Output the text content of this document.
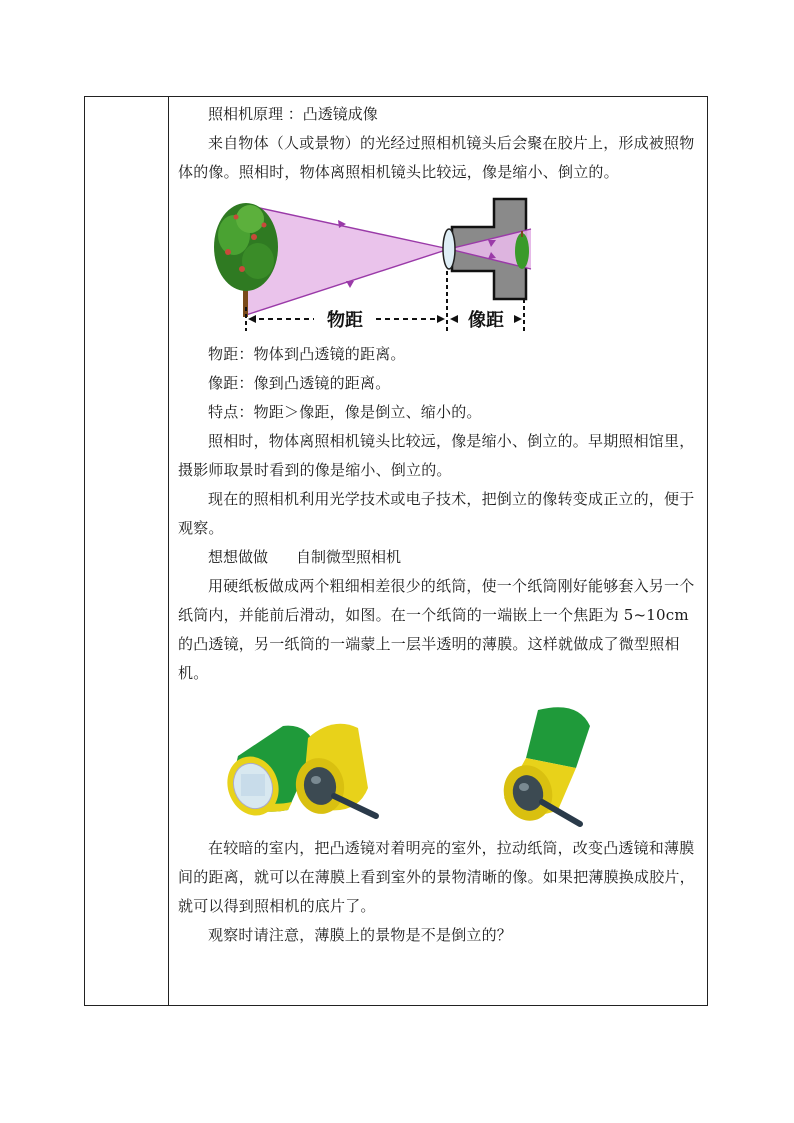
照相机原理 ：凸透镜成像

来自物体（人或景物）的光经过照相机镜头后会聚在胶片上，形成被照物体的像。照相时，物体离照相机镜头比较远，像是缩小、倒立的。

物距	像距

物距：物体到凸透镜的距离。

像距：像到凸透镜的距离。

特点：物距＞像距，像是倒立、缩小的。

照相时，物体离照相机镜头比较远，像是缩小、倒立的。早期照相馆里，摄影师取景时看到的像是缩小、倒立的。

现在的照相机利用光学技术或电子技术，把倒立的像转变成正立的，便于观察。

想想做做 自制微型照相机

用硬纸板做成两个粗细相差很少的纸筒，使一个纸筒刚好能够套入另一个纸筒内，并能前后滑动，如图。在一个纸筒的一端嵌上一个焦距为 5~10cm 的凸透镜，另一纸筒的一端蒙上一层半透明的薄膜。这样就做成了微型照相机。

在较暗的室内，把凸透镜对着明亮的室外，拉动纸筒，改变凸透镜和薄膜间的距离，就可以在薄膜上看到室外的景物清晰的像。如果把薄膜换成胶片，就可以得到照相机的底片了。

观察时请注意，薄膜上的景物是不是倒立的？
